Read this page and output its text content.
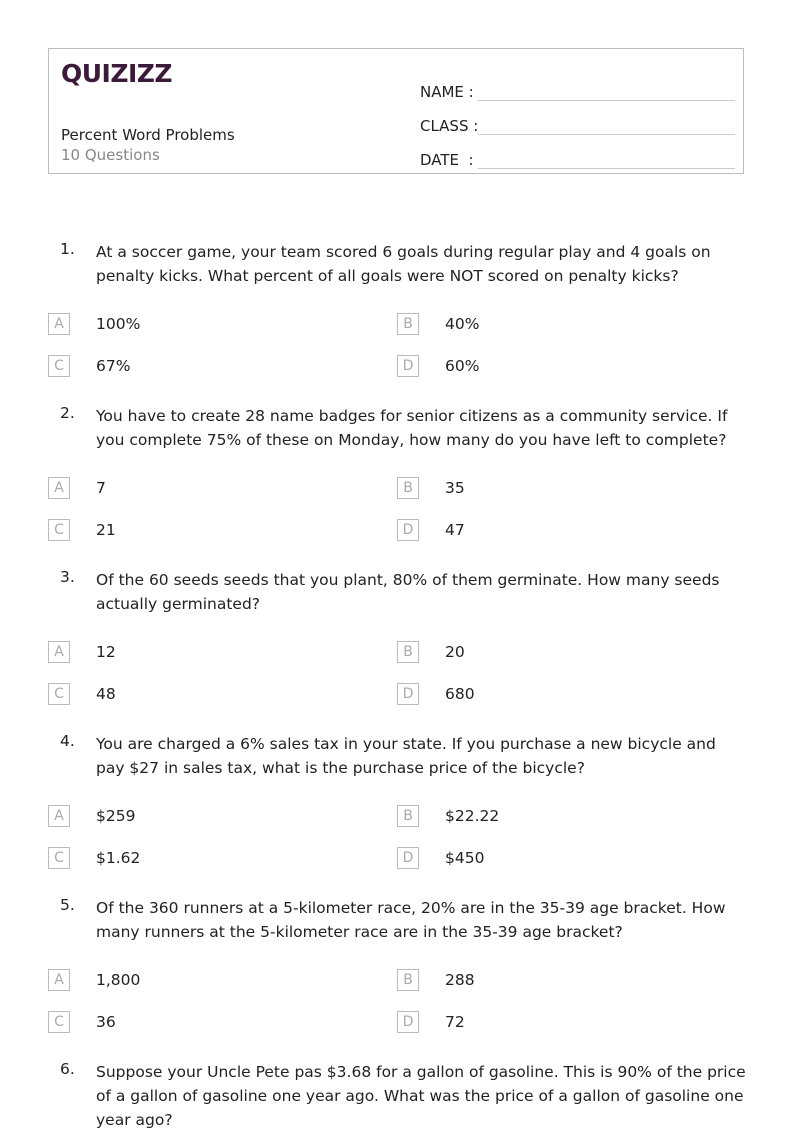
QUIZIZZ
Percent Word Problems
10 Questions
NAME :
CLASS :
DATE  :
1. At a soccer game, your team scored 6 goals during regular play and 4 goals on penalty kicks. What percent of all goals were NOT scored on penalty kicks?
A	100%	B	40%
C	67%	D	60%
2. You have to create 28 name badges for senior citizens as a community service. If you complete 75% of these on Monday, how many do you have left to complete?
A	7	B	35
C	21	D	47
3. Of the 60 seeds seeds that you plant, 80% of them germinate. How many seeds actually germinated?
A	12	B	20
C	48	D	680
4. You are charged a 6% sales tax in your state. If you purchase a new bicycle and pay $27 in sales tax, what is the purchase price of the bicycle?
A	$259	B	$22.22
C	$1.62	D	$450
5. Of the 360 runners at a 5-kilometer race, 20% are in the 35-39 age bracket. How many runners at the 5-kilometer race are in the 35-39 age bracket?
A	1,800	B	288
C	36	D	72
6. Suppose your Uncle Pete pas $3.68 for a gallon of gasoline. This is 90% of the price of a gallon of gasoline one year ago. What was the price of a gallon of gasoline one year ago?
